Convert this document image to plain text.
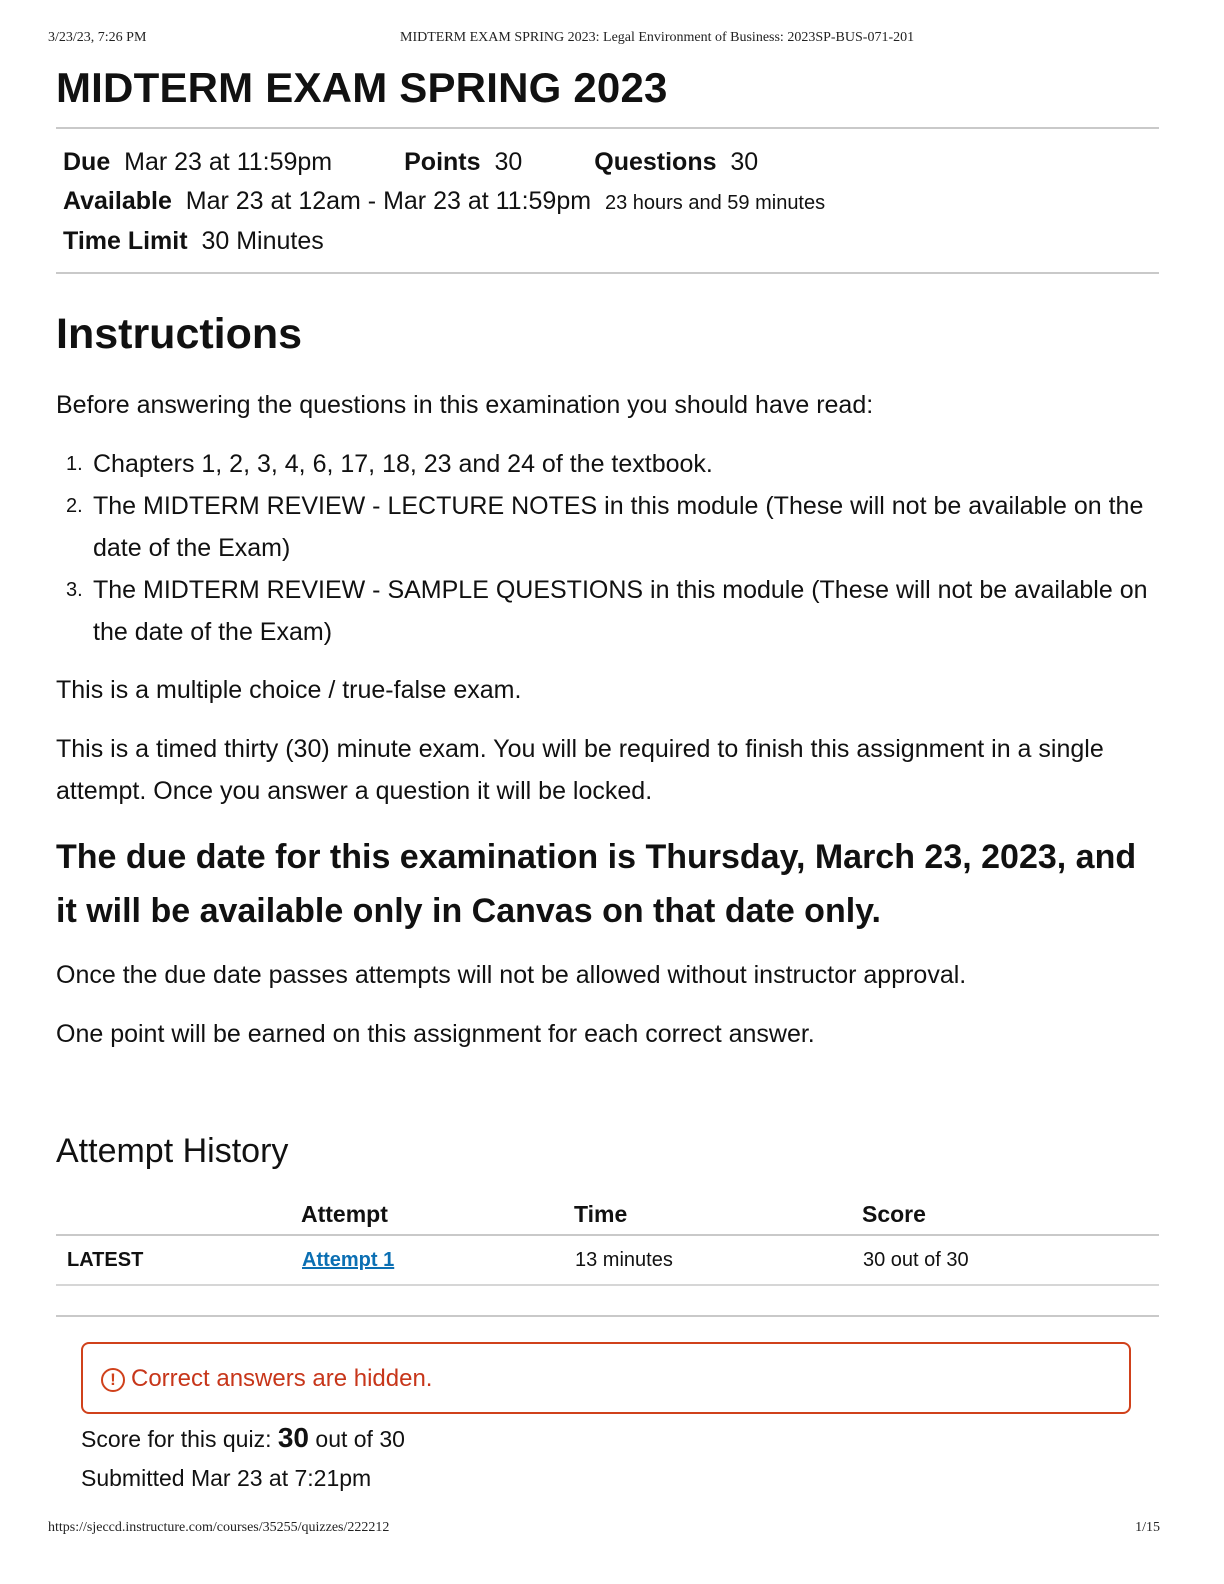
3/23/23, 7:26 PM	MIDTERM EXAM SPRING 2023: Legal Environment of Business: 2023SP-BUS-071-201
MIDTERM EXAM SPRING 2023
Due Mar 23 at 11:59pm	Points 30	Questions 30
Available Mar 23 at 12am - Mar 23 at 11:59pm 23 hours and 59 minutes
Time Limit 30 Minutes
Instructions

Before answering the questions in this examination you should have read:

1. Chapters 1, 2, 3, 4, 6, 17, 18, 23 and 24 of the textbook.
2. The MIDTERM REVIEW - LECTURE NOTES in this module (These will not be available on the date of the Exam)
3. The MIDTERM REVIEW - SAMPLE QUESTIONS in this module (These will not be available on the date of the Exam)

This is a multiple choice / true-false exam.

This is a timed thirty (30) minute exam. You will be required to finish this assignment in a single attempt. Once you answer a question it will be locked.

The due date for this examination is Thursday, March 23, 2023, and it will be available only in Canvas on that date only.

Once the due date passes attempts will not be allowed without instructor approval.

One point will be earned on this assignment for each correct answer.

Attempt History
	Attempt	Time	Score
LATEST	Attempt 1	13 minutes	30 out of 30
! Correct answers are hidden.
Score for this quiz: 30 out of 30
Submitted Mar 23 at 7:21pm
https://sjeccd.instructure.com/courses/35255/quizzes/222212	1/15
